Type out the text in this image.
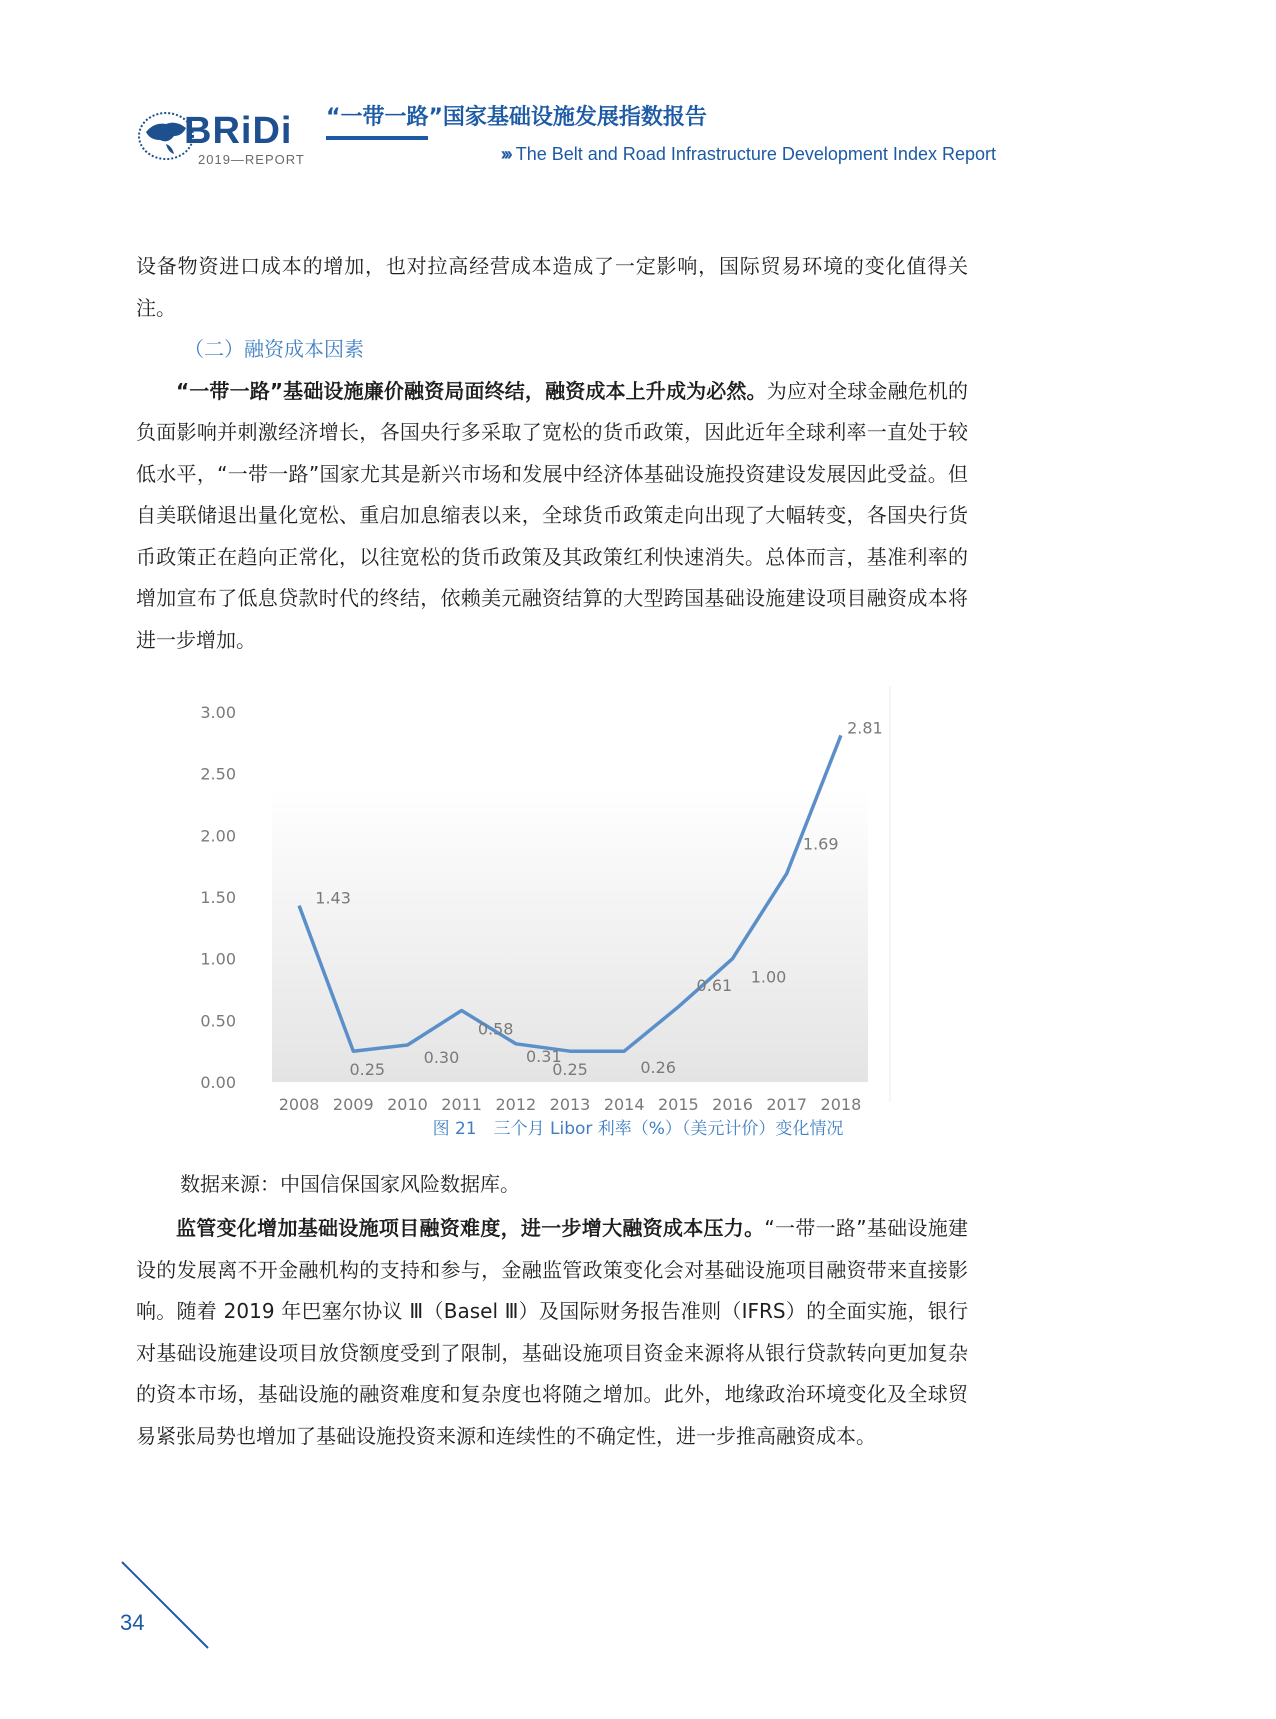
BRiDi
2019—REPORT
“一带一路”国家基础设施发展指数报告
››› The Belt and Road Infrastructure Development Index Report

设备物资进口成本的增加，也对拉高经营成本造成了一定影响，国际贸易环境的变化值得关注。

（二）融资成本因素

“一带一路”基础设施廉价融资局面终结，融资成本上升成为必然。为应对全球金融危机的负面影响并刺激经济增长，各国央行多采取了宽松的货币政策，因此近年全球利率一直处于较低水平，“一带一路”国家尤其是新兴市场和发展中经济体基础设施投资建设发展因此受益。但自美联储退出量化宽松、重启加息缩表以来，全球货币政策走向出现了大幅转变，各国央行货币政策正在趋向正常化，以往宽松的货币政策及其政策红利快速消失。总体而言，基准利率的增加宣布了低息贷款时代的终结，依赖美元融资结算的大型跨国基础设施建设项目融资成本将进一步增加。

0.00
0.50
1.00
1.50
2.00
2.50
3.00
2008 2009 2010 2011 2012 2013 2014 2015 2016 2017 2018
1.43
0.25
0.30
0.58
0.31
0.25	0.26
0.61 1.00
1.69
2.81
图 21　三个月 Libor 利率（%）（美元计价）变化情况
数据来源：中国信保国家风险数据库。

监管变化增加基础设施项目融资难度，进一步增大融资成本压力。“一带一路”基础设施建设的发展离不开金融机构的支持和参与，金融监管政策变化会对基础设施项目融资带来直接影响。随着 2019 年巴塞尔协议 Ⅲ（Basel Ⅲ）及国际财务报告准则（IFRS）的全面实施，银行对基础设施建设项目放贷额度受到了限制，基础设施项目资金来源将从银行贷款转向更加复杂的资本市场，基础设施的融资难度和复杂度也将随之增加。此外，地缘政治环境变化及全球贸易紧张局势也增加了基础设施投资来源和连续性的不确定性，进一步推高融资成本。

34
